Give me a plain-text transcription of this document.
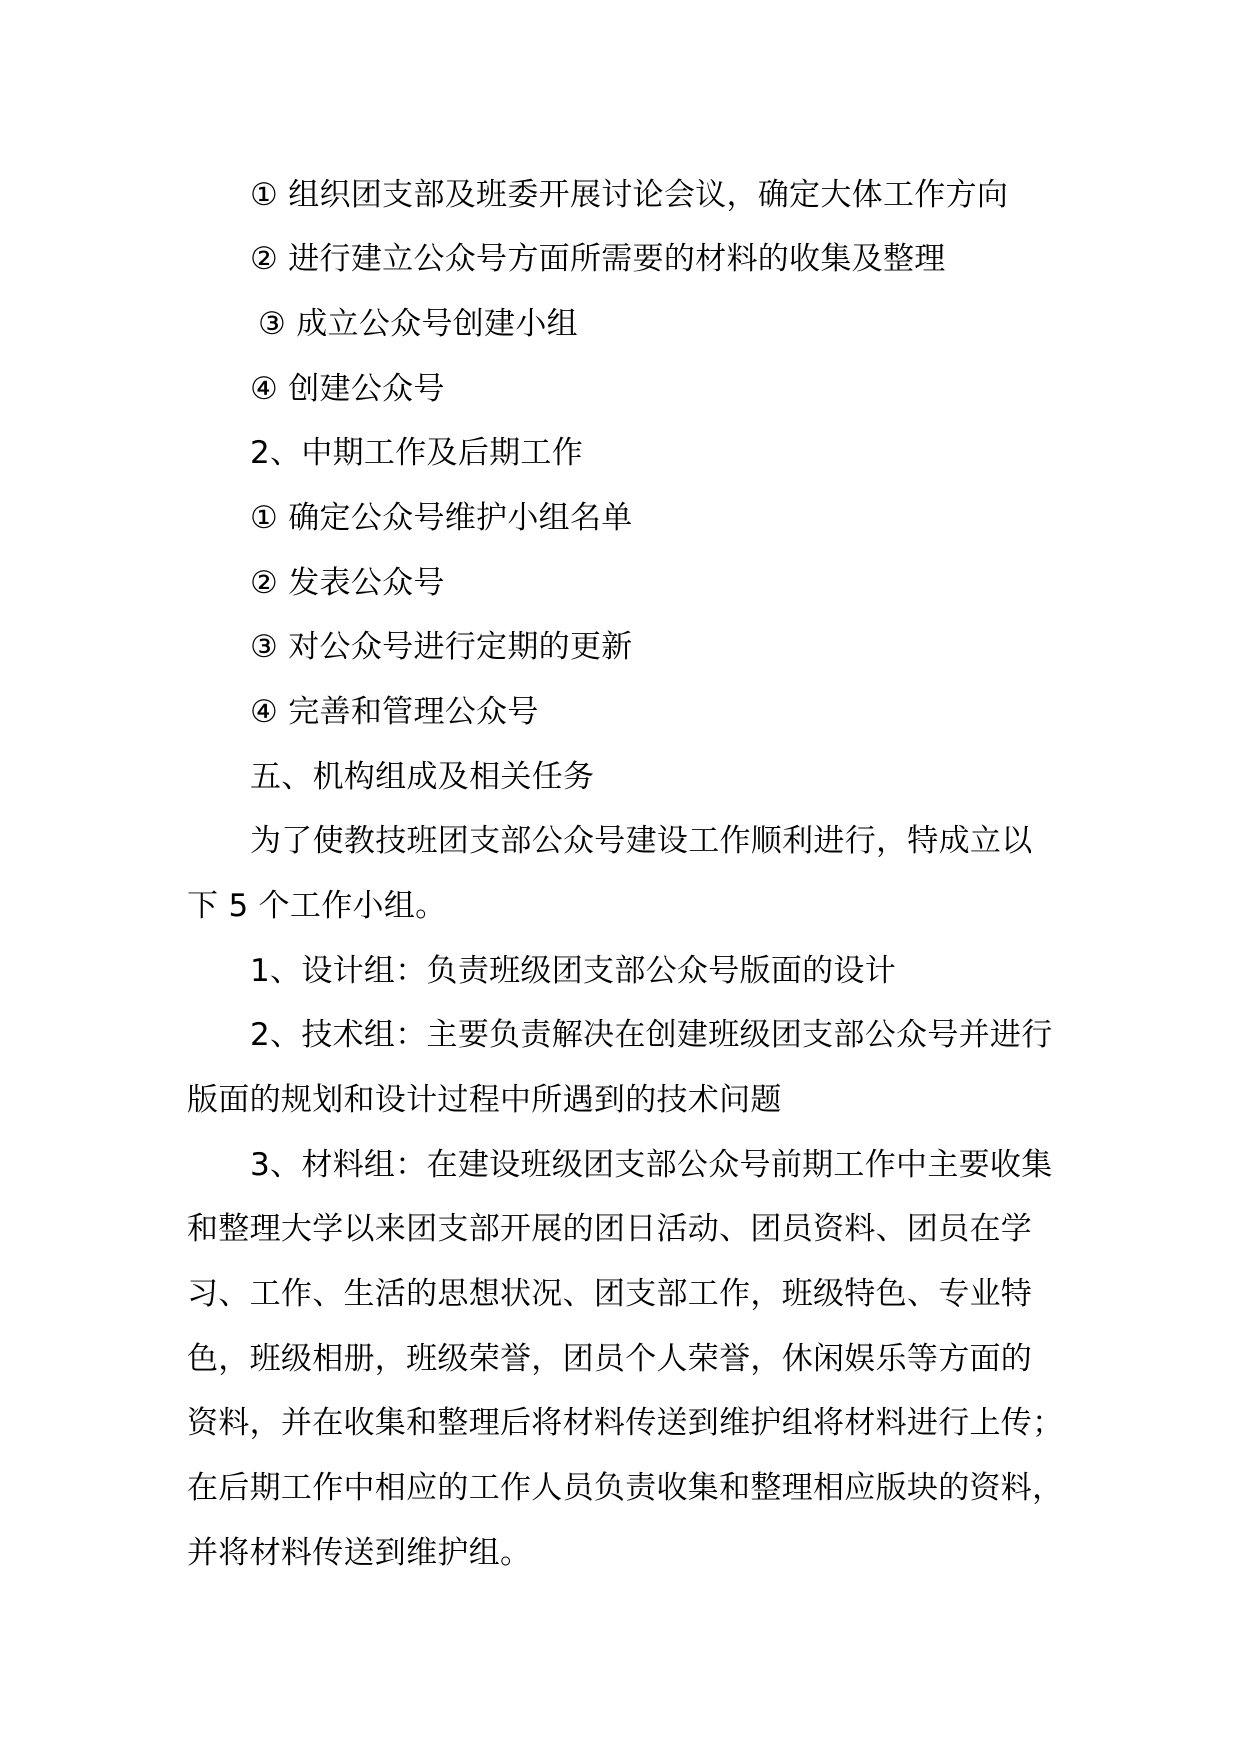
① 组织团支部及班委开展讨论会议，确定大体工作方向
② 进行建立公众号方面所需要的材料的收集及整理
③ 成立公众号创建小组
④ 创建公众号
2、中期工作及后期工作
① 确定公众号维护小组名单
② 发表公众号
③ 对公众号进行定期的更新
④ 完善和管理公众号
五、机构组成及相关任务
为了使教技班团支部公众号建设工作顺利进行，特成立以
下 5 个工作小组。
1、设计组：负责班级团支部公众号版面的设计
2、技术组：主要负责解决在创建班级团支部公众号并进行
版面的规划和设计过程中所遇到的技术问题
3、材料组：在建设班级团支部公众号前期工作中主要收集
和整理大学以来团支部开展的团日活动、团员资料、团员在学
习、工作、生活的思想状况、团支部工作，班级特色、专业特
色，班级相册，班级荣誉，团员个人荣誉，休闲娱乐等方面的
资料，并在收集和整理后将材料传送到维护组将材料进行上传；
在后期工作中相应的工作人员负责收集和整理相应版块的资料，
并将材料传送到维护组。
